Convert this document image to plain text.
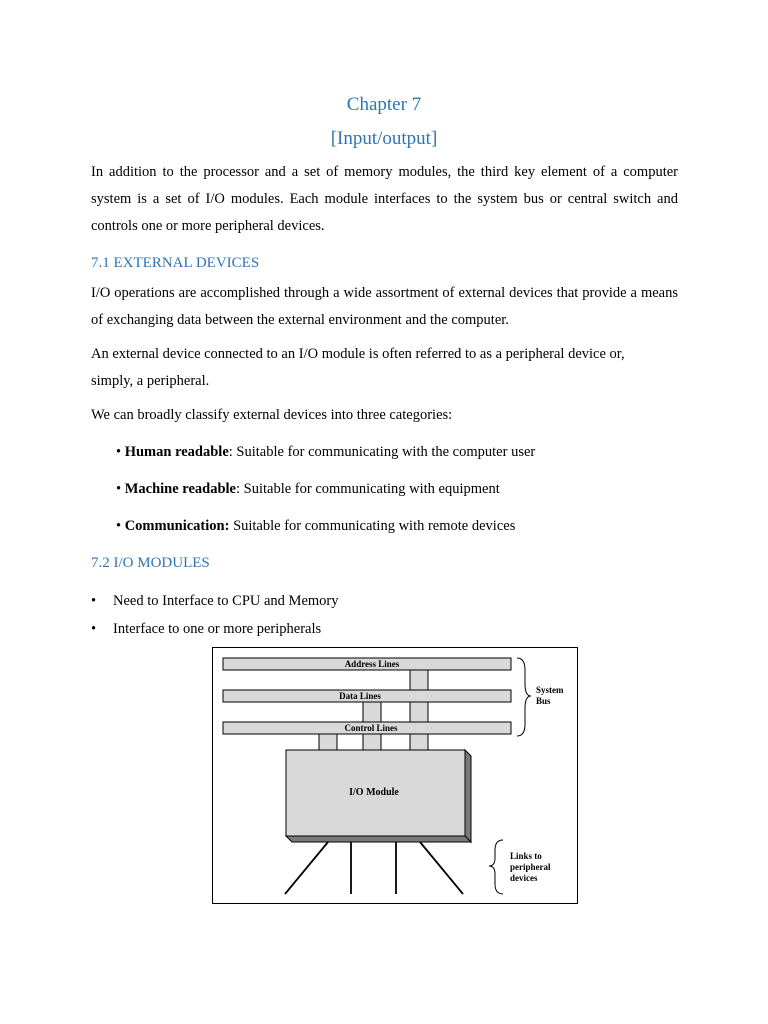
Chapter 7
[Input/output]

In addition to the processor and a set of memory modules, the third key element of a computer system is a set of I/O modules. Each module interfaces to the system bus or central switch and controls one or more peripheral devices.

7.1 EXTERNAL DEVICES

I/O operations are accomplished through a wide assortment of external devices that provide a means of exchanging data between the external environment and the computer.

An external device connected to an I/O module is often referred to as a peripheral device or, simply, a peripheral.

We can broadly classify external devices into three categories:

• Human readable: Suitable for communicating with the computer user
• Machine readable: Suitable for communicating with equipment
• Communication: Suitable for communicating with remote devices
7.2 I/O MODULES
• Need to Interface to CPU and Memory
• Interface to one or more peripherals
Address Lines
Data Lines
Control Lines
I/O Module
System
Bus
Links to
peripheral
devices
